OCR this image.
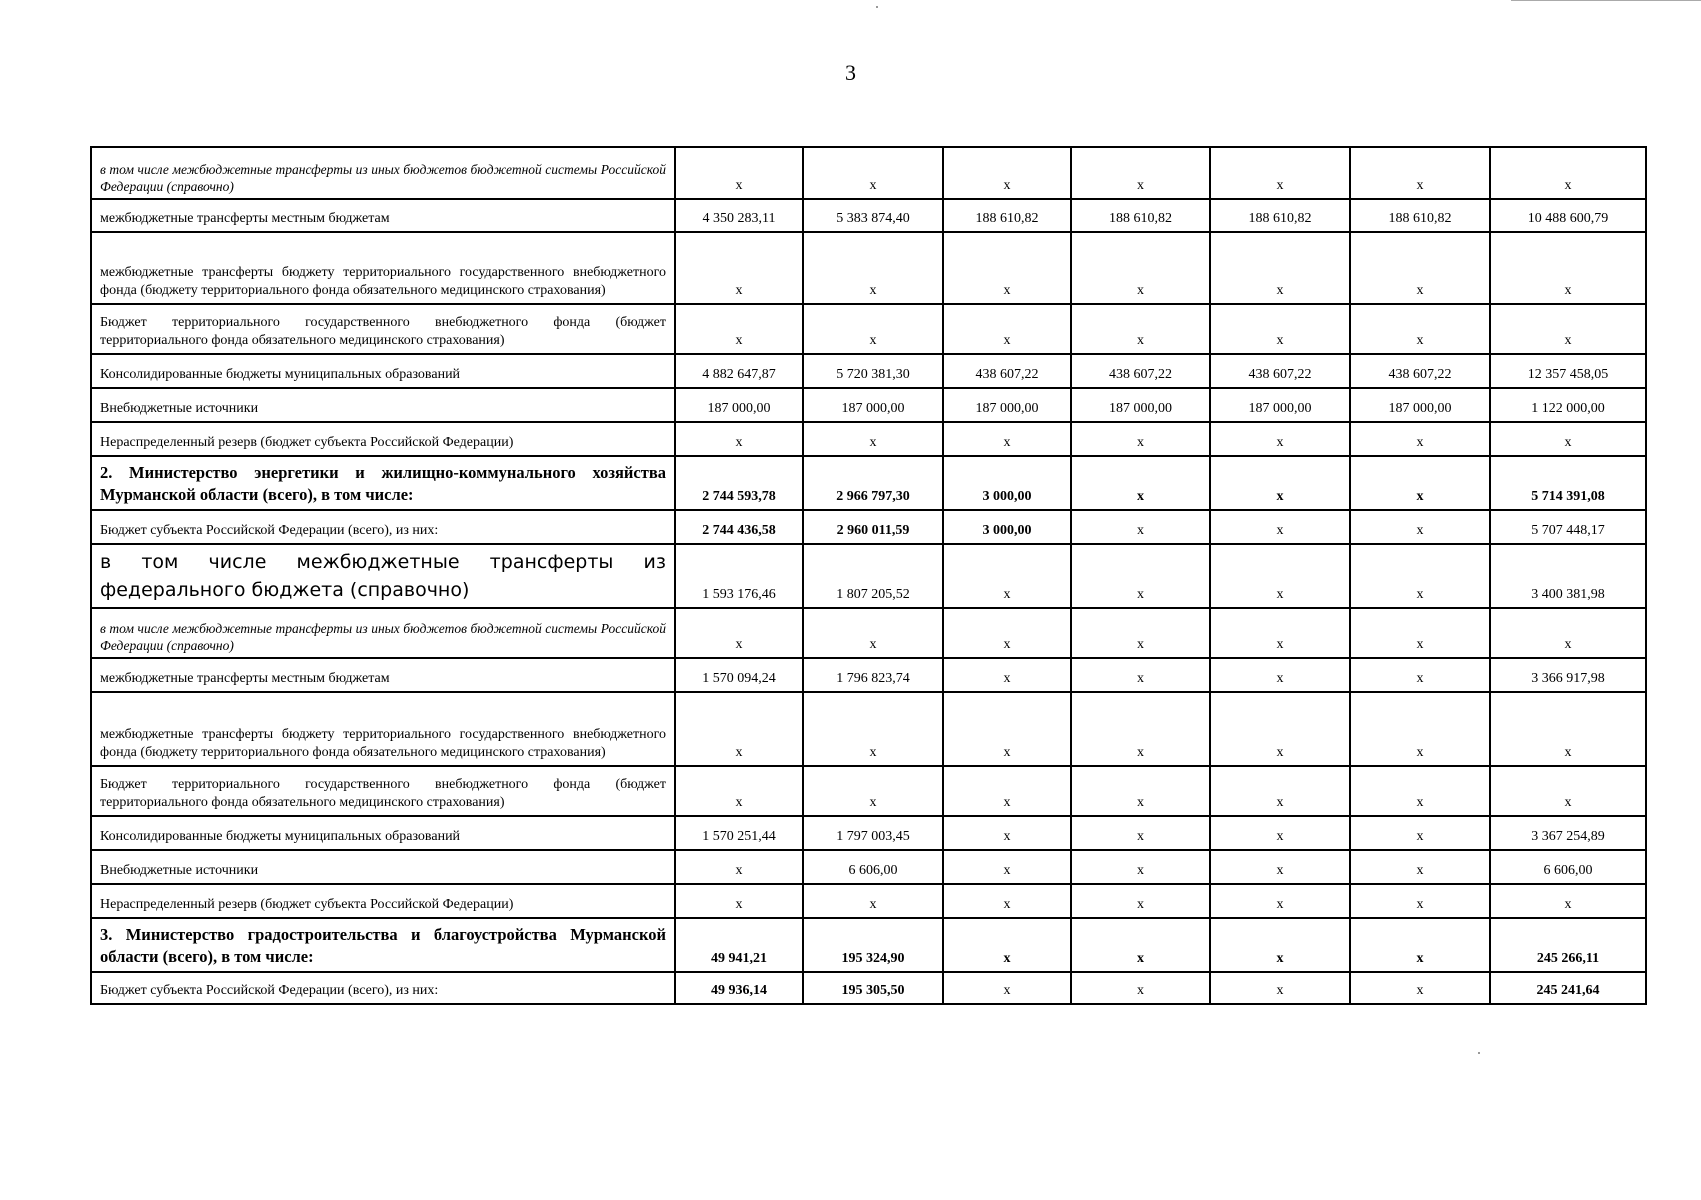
3
в том числе межбюджетные трансферты из иных бюджетов бюджетной системы Российской Федерации (справочно)	х	х	х	х	х	х	х
межбюджетные трансферты местным бюджетам	4 350 283,11	5 383 874,40	188 610,82	188 610,82	188 610,82	188 610,82	10 488 600,79
межбюджетные трансферты бюджету территориального государственного внебюджетного фонда (бюджету территориального фонда обязательного медицинского страхования)	х	х	х	х	х	х	х
Бюджет территориального государственного внебюджетного фонда (бюджет территориального фонда обязательного медицинского страхования)	х	х	х	х	х	х	х
Консолидированные бюджеты муниципальных образований	4 882 647,87	5 720 381,30	438 607,22	438 607,22	438 607,22	438 607,22	12 357 458,05
Внебюджетные источники	187 000,00	187 000,00	187 000,00	187 000,00	187 000,00	187 000,00	1 122 000,00
Нераспределенный резерв (бюджет субъекта Российской Федерации)	х	х	х	х	х	х	х
2. Министерство энергетики и жилищно-коммунального хозяйства Мурманской области (всего), в том числе:	2 744 593,78	2 966 797,30	3 000,00	х	х	х	5 714 391,08
Бюджет субъекта Российской Федерации (всего), из них:	2 744 436,58	2 960 011,59	3 000,00	х	х	х	5 707 448,17
в том числе межбюджетные трансферты из федерального бюджета (справочно)	1 593 176,46	1 807 205,52	х	х	х	х	3 400 381,98
в том числе межбюджетные трансферты из иных бюджетов бюджетной системы Российской Федерации (справочно)	х	х	х	х	х	х	х
межбюджетные трансферты местным бюджетам	1 570 094,24	1 796 823,74	х	х	х	х	3 366 917,98
межбюджетные трансферты бюджету территориального государственного внебюджетного фонда (бюджету территориального фонда обязательного медицинского страхования)	х	х	х	х	х	х	х
Бюджет территориального государственного внебюджетного фонда (бюджет территориального фонда обязательного медицинского страхования)	х	х	х	х	х	х	х
Консолидированные бюджеты муниципальных образований	1 570 251,44	1 797 003,45	х	х	х	х	3 367 254,89
Внебюджетные источники	х	6 606,00	х	х	х	х	6 606,00
Нераспределенный резерв (бюджет субъекта Российской Федерации)	х	х	х	х	х	х	х
3. Министерство градостроительства и благоустройства Мурманской области (всего), в том числе:	49 941,21	195 324,90	х	х	х	х	245 266,11
Бюджет субъекта Российской Федерации (всего), из них:	49 936,14	195 305,50	х	х	х	х	245 241,64
